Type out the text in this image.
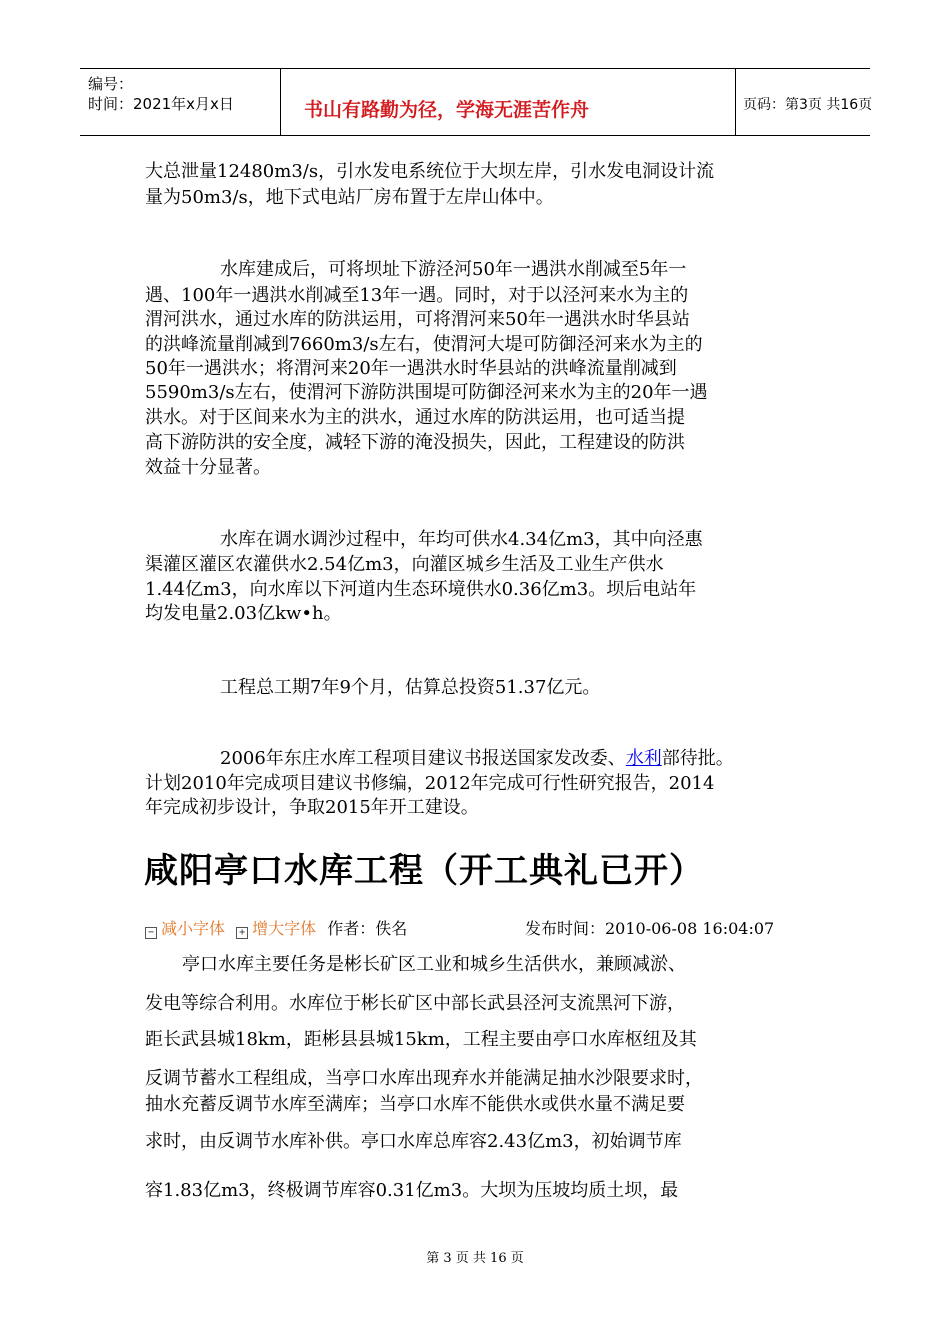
编号：
时间：2021年x月x日	书山有路勤为径，学海无涯苦作舟	页码：第3页 共16页
大总泄量12480m3/s，引水发电系统位于大坝左岸，引水发电洞设计流
量为50m3/s，地下式电站厂房布置于左岸山体中。
水库建成后，可将坝址下游泾河50年一遇洪水削减至5年一
遇、100年一遇洪水削减至13年一遇。同时，对于以泾河来水为主的
渭河洪水，通过水库的防洪运用，可将渭河来50年一遇洪水时华县站
的洪峰流量削减到7660m3/s左右，使渭河大堤可防御泾河来水为主的
50年一遇洪水；将渭河来20年一遇洪水时华县站的洪峰流量削减到
5590m3/s左右，使渭河下游防洪围堤可防御泾河来水为主的20年一遇
洪水。对于区间来水为主的洪水，通过水库的防洪运用，也可适当提
高下游防洪的安全度，减轻下游的淹没损失，因此，工程建设的防洪
效益十分显著。
水库在调水调沙过程中，年均可供水4.34亿m3，其中向泾惠
渠灌区灌区农灌供水2.54亿m3，向灌区城乡生活及工业生产供水
1.44亿m3，向水库以下河道内生态环境供水0.36亿m3。坝后电站年
均发电量2.03亿kw•h。
工程总工期7年9个月，估算总投资51.37亿元。
2006年东庄水库工程项目建议书报送国家发改委、水利部待批。
计划2010年完成项目建议书修编，2012年完成可行性研究报告，2014
年完成初步设计，争取2015年开工建设。
咸阳亭口水库工程（开工典礼已开）
− 减小字体 + 增大字体 作者：佚名	发布时间：2010-06-08 16:04:07
亭口水库主要任务是彬长矿区工业和城乡生活供水，兼顾减淤、
发电等综合利用。水库位于彬长矿区中部长武县泾河支流黑河下游，
距长武县城18km，距彬县县城15km，工程主要由亭口水库枢纽及其
反调节蓄水工程组成，当亭口水库出现弃水并能满足抽水沙限要求时，
抽水充蓄反调节水库至满库；当亭口水库不能供水或供水量不满足要
求时，由反调节水库补供。亭口水库总库容2.43亿m3，初始调节库
容1.83亿m3，终极调节库容0.31亿m3。大坝为压坡均质土坝，最
第 3 页 共 16 页
